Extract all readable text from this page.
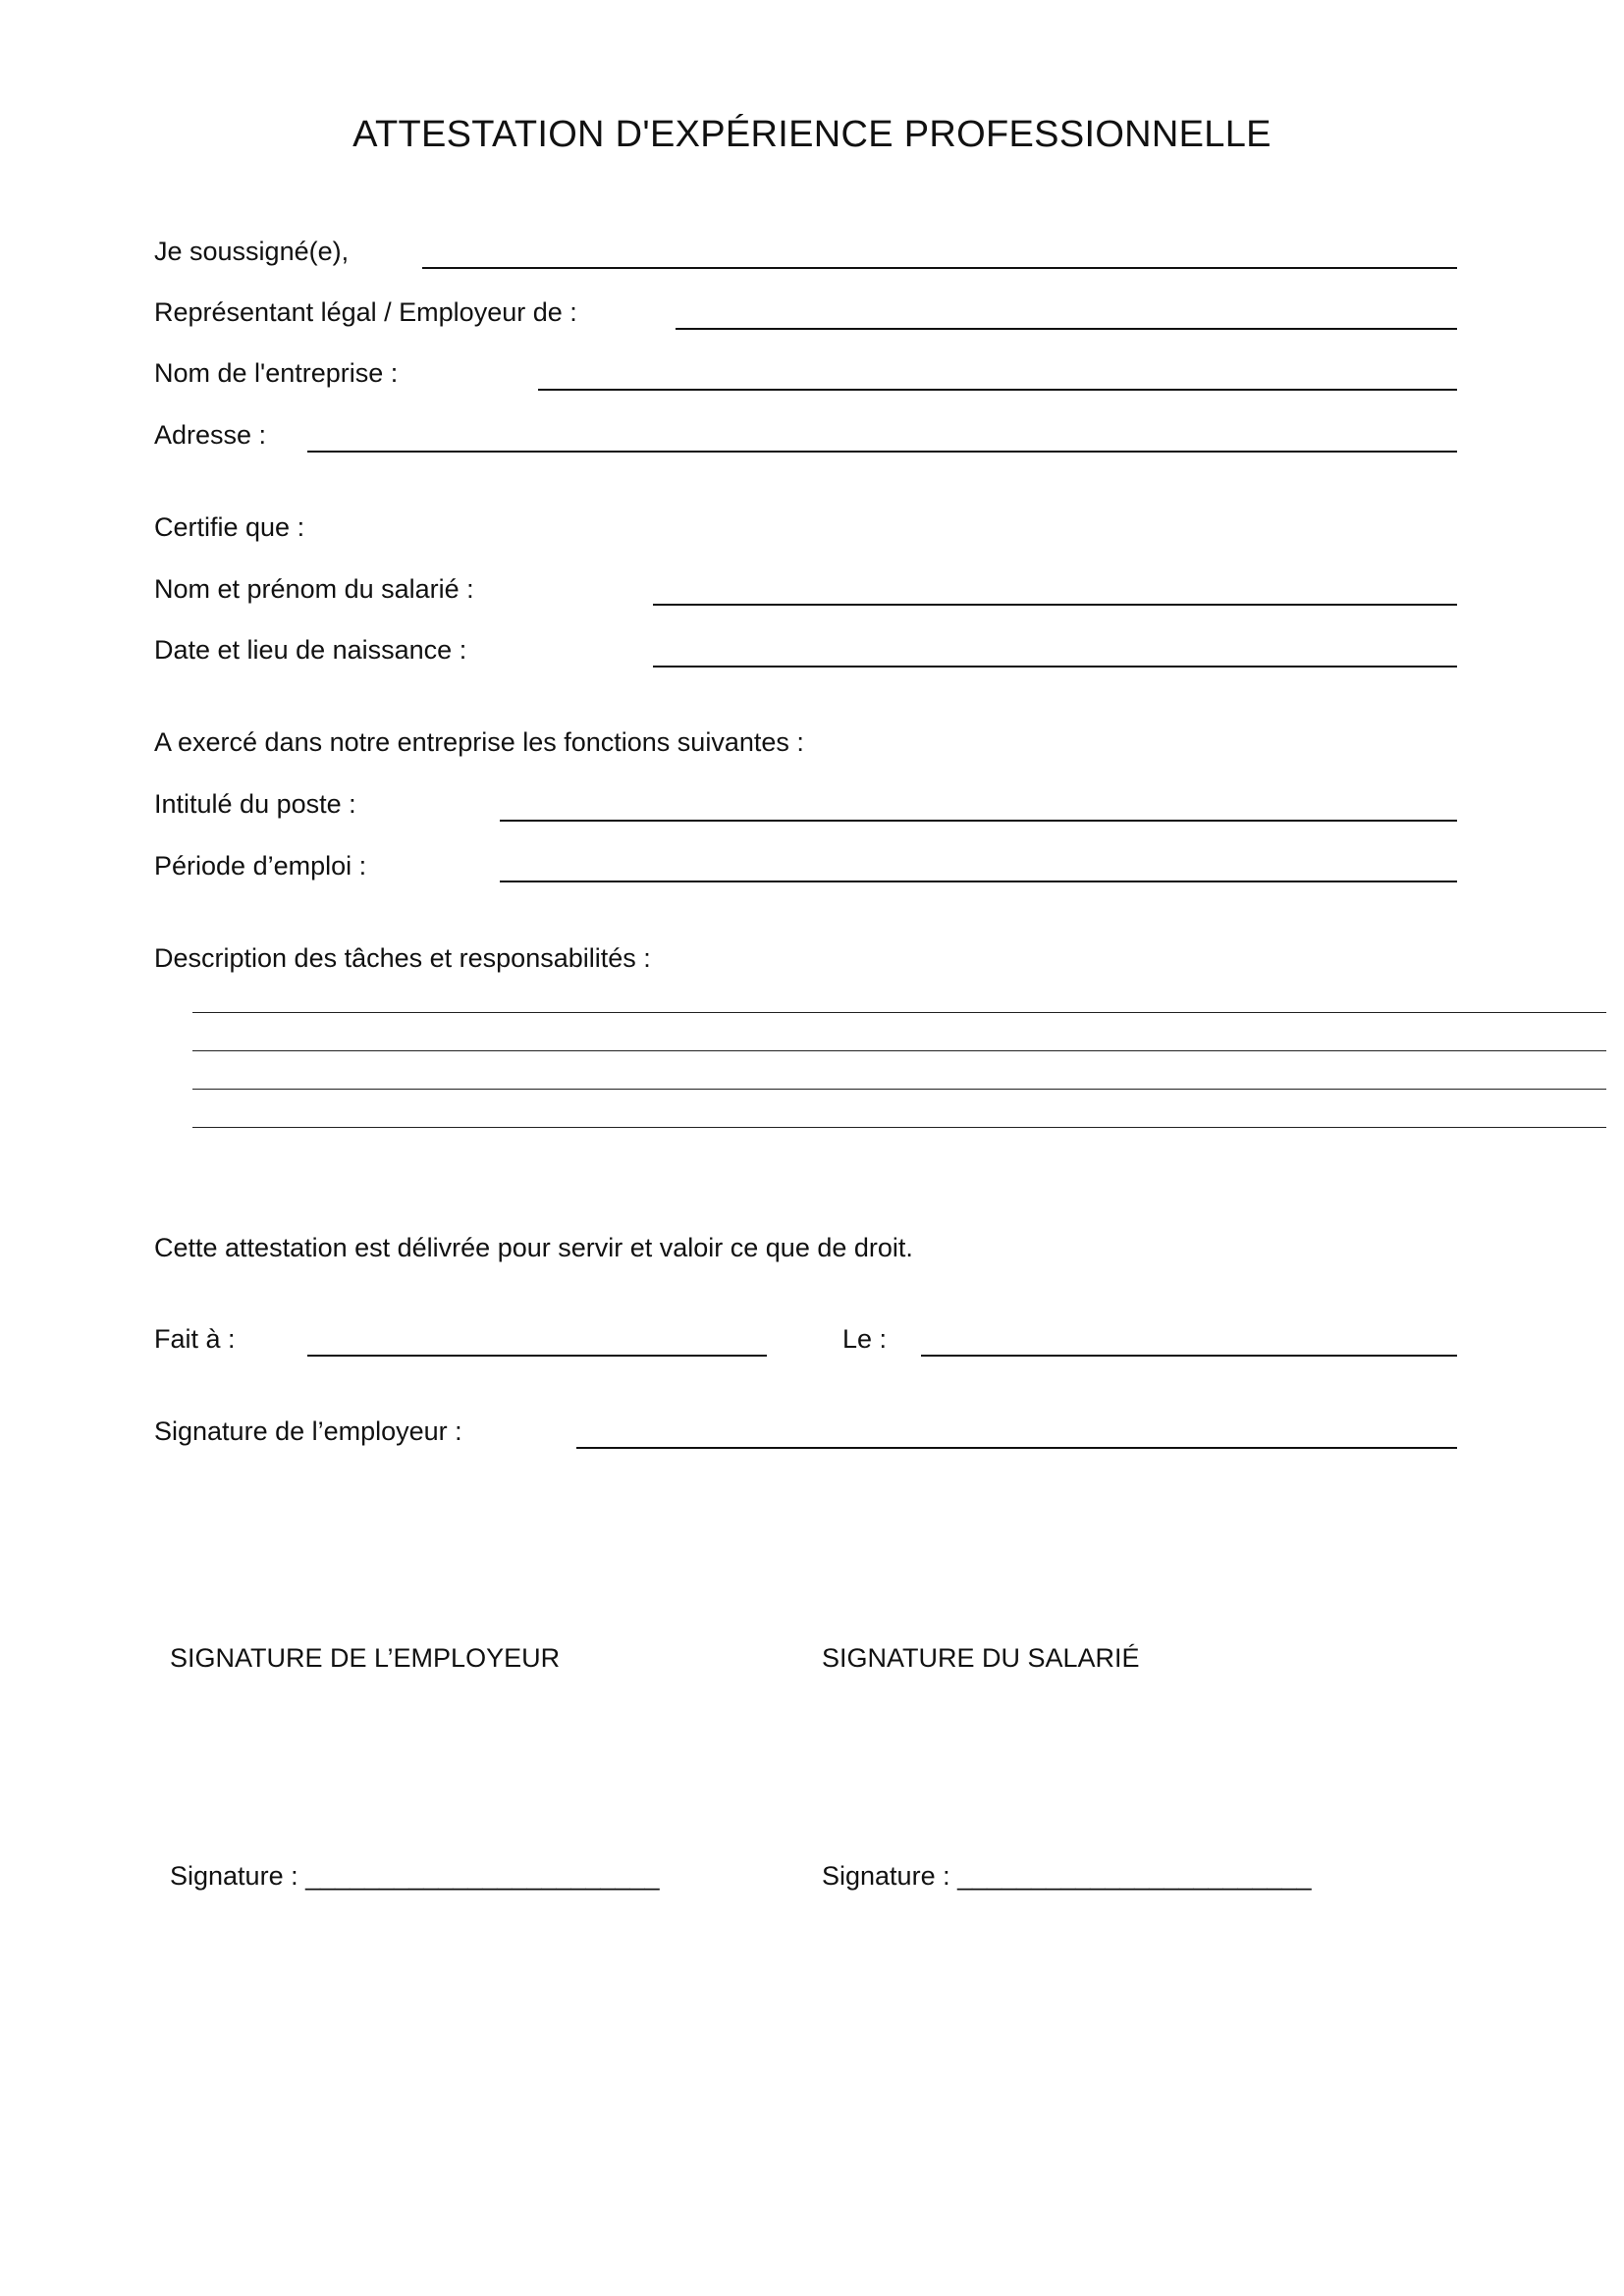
ATTESTATION D'EXPÉRIENCE PROFESSIONNELLE
Je soussigné(e),
Représentant légal / Employeur de :
Nom de l'entreprise :
Adresse :
Certifie que :
Nom et prénom du salarié :
Date et lieu de naissance :
A exercé dans notre entreprise les fonctions suivantes :
Intitulé du poste :
Période d’emploi :
Description des tâches et responsabilités :
Cette attestation est délivrée pour servir et valoir ce que de droit.
Fait à :	Le :
Signature de l’employeur :
SIGNATURE DE L’EMPLOYEUR	SIGNATURE DU SALARIÉ
Signature : ________________________	Signature : ________________________
